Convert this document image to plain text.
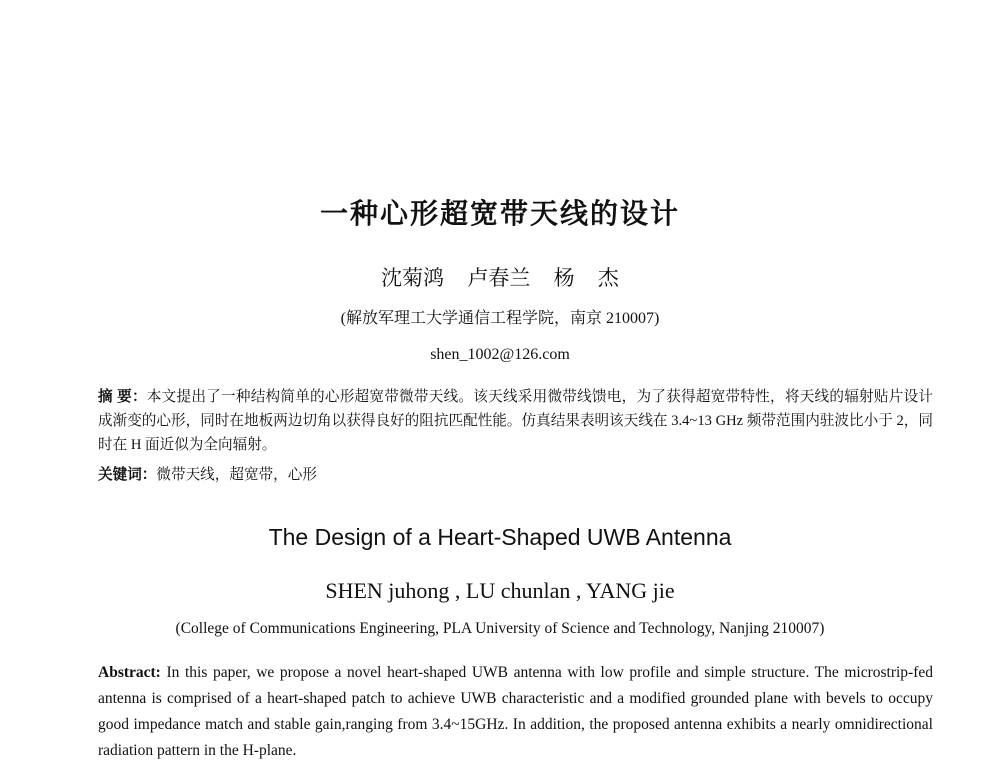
一种心形超宽带天线的设计
沈菊鸿 卢春兰 杨 杰
(解放军理工大学通信工程学院，南京 210007)
shen_1002@126.com
摘 要：本文提出了一种结构简单的心形超宽带微带天线。该天线采用微带线馈电，为了获得超宽带特性，将天线的辐射贴片设计成渐变的心形，同时在地板两边切角以获得良好的阻抗匹配性能。仿真结果表明该天线在 3.4~13 GHz 频带范围内驻波比小于 2，同时在 H 面近似为全向辐射。
关键词：微带天线，超宽带，心形
The Design of a Heart-Shaped UWB Antenna
SHEN juhong , LU chunlan , YANG jie
(College of Communications Engineering, PLA University of Science and Technology, Nanjing 210007)
Abstract: In this paper, we propose a novel heart-shaped UWB antenna with low profile and simple structure. The microstrip-fed antenna is comprised of a heart-shaped patch to achieve UWB characteristic and a modified grounded plane with bevels to occupy good impedance match and stable gain,ranging from 3.4~15GHz. In addition, the proposed antenna exhibits a nearly omnidirectional radiation pattern in the H-plane.
